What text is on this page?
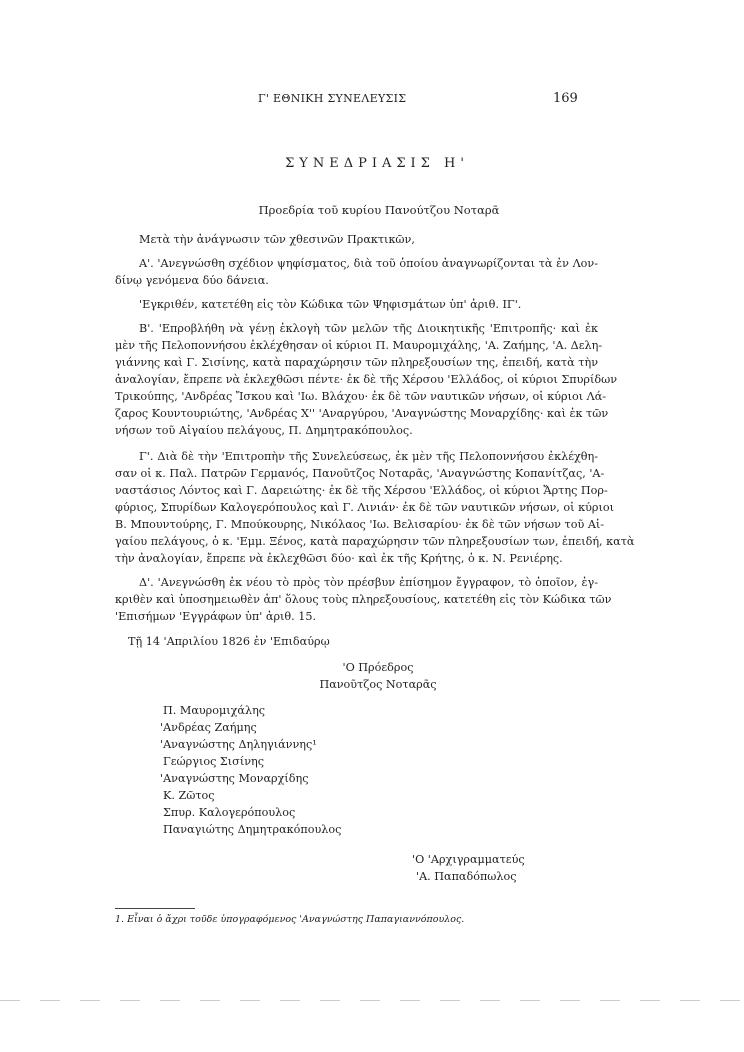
Γ' ΕΘΝΙΚΗ ΣΥΝΕΛΕΥΣΙΣ	169
ΣΥΝΕΔΡΙΑΣΙΣ Η'
Προεδρία τοῦ κυρίου Πανούτζου Νοταρᾶ
Μετὰ τὴν ἀνάγνωσιν τῶν χθεσινῶν Πρακτικῶν,
Α'. 'Ανεγνώσθη σχέδιον ψηφίσματος, διὰ τοῦ ὁποίου ἀναγνωρίζονται τὰ ἐν Λον-
δίνῳ γενόμενα δύο δάνεια.
'Εγκριθέν, κατετέθη εἰς τὸν Κώδικα τῶν Ψηφισμάτων ὑπ' ἀριθ. ΙΓ'.
Β'. 'Επροβλήθη νὰ γένῃ ἐκλογὴ τῶν μελῶν τῆς Διοικητικῆς 'Επιτροπῆς· καὶ ἐκ
μὲν τῆς Πελοποννήσου ἐκλέχθησαν οἱ κύριοι Π. Μαυρομιχάλης, 'Α. Ζαήμης, 'Α. Δελη-
γιάννης καὶ Γ. Σισίνης, κατὰ παραχώρησιν τῶν πληρεξουσίων της, ἐπειδή, κατὰ τὴν
ἀναλογίαν, ἔπρεπε νὰ ἐκλεχθῶσι πέντε· ἐκ δὲ τῆς Χέρσου 'Ελλάδος, οἱ κύριοι Σπυρίδων
Τρικούπης, 'Ανδρέας Ἴσκου καὶ 'Ιω. Βλάχου· ἐκ δὲ τῶν ναυτικῶν νήσων, οἱ κύριοι Λά-
ζαρος Κουντουριώτης, 'Ανδρέας Χ'' 'Αναργύρου, 'Αναγνώστης Μοναρχίδης· καὶ ἐκ τῶν
νήσων τοῦ Αἰγαίου πελάγους, Π. Δημητρακόπουλος.
Γ'. Διὰ δὲ τὴν 'Επιτροπὴν τῆς Συνελεύσεως, ἐκ μὲν τῆς Πελοποννήσου ἐκλέχθη-
σαν οἱ κ. Παλ. Πατρῶν Γερμανός, Πανοῦτζος Νοταρᾶς, 'Αναγνώστης Κοπανίτζας, 'Α-
ναστάσιος Λόντος καὶ Γ. Δαρειώτης· ἐκ δὲ τῆς Χέρσου 'Ελλάδος, οἱ κύριοι Ἄρτης Πορ-
φύριος, Σπυρίδων Καλογερόπουλος καὶ Γ. Λινιάν· ἐκ δὲ τῶν ναυτικῶν νήσων, οἱ κύριοι
Β. Μπουντούρης, Γ. Μπούκουρης, Νικόλαος 'Ιω. Βελισαρίου· ἐκ δὲ τῶν νήσων τοῦ Αἰ-
γαίου πελάγους, ὁ κ. 'Εμμ. Ξένος, κατὰ παραχώρησιν τῶν πληρεξουσίων των, ἐπειδή, κατὰ
τὴν ἀναλογίαν, ἔπρεπε νὰ ἐκλεχθῶσι δύο· καὶ ἐκ τῆς Κρήτης, ὁ κ. Ν. Ρενιέρης.
Δ'. 'Ανεγνώσθη ἐκ νέου τὸ πρὸς τὸν πρέσβυν ἐπίσημον ἔγγραφον, τὸ ὁποῖον, ἐγ-
κριθὲν καὶ ὑποσημειωθὲν ἀπ' ὅλους τοὺς πληρεξουσίους, κατετέθη εἰς τὸν Κώδικα τῶν
'Επισήμων 'Εγγράφων ὑπ' ἀριθ. 15.
Τῇ 14 'Απριλίου 1826 ἐν 'Επιδαύρῳ
'Ο Πρόεδρος
Πανοῦτζος Νοταρᾶς
Π. Μαυρομιχάλης
'Ανδρέας Ζαήμης
'Αναγνώστης Δηληγιάννης¹
Γεώργιος Σισίνης
'Αναγνώστης Μοναρχίδης
Κ. Ζῶτος
Σπυρ. Καλογερόπουλος
Παναγιώτης Δημητρακόπουλος
'Ο 'Αρχιγραμματεύς
'Α. Παπαδόπωλος
1. Εἶναι ὁ ἄχρι τοῦδε ὑπογραφόμενος 'Αναγνώστης Παπαγιαννόπουλος.
